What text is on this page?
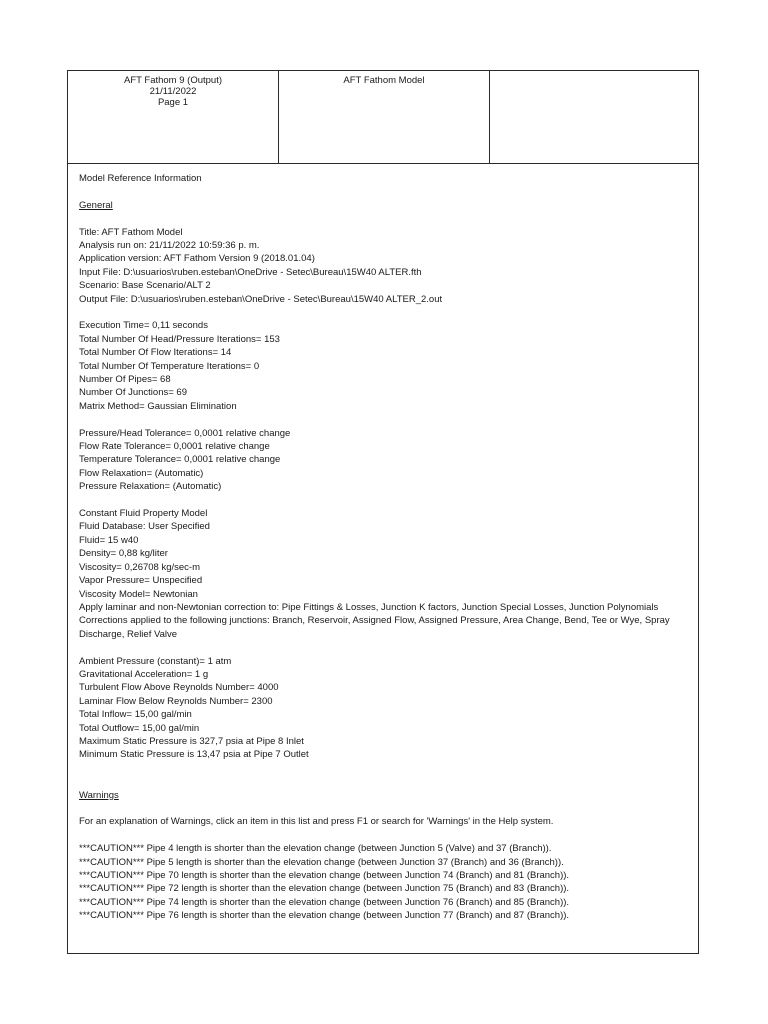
AFT Fathom 9 (Output)
21/11/2022
Page 1
AFT Fathom Model
Model Reference Information
General
Title: AFT Fathom Model
Analysis run on: 21/11/2022 10:59:36 p. m.
Application version: AFT Fathom Version 9 (2018.01.04)
Input File: D:\usuarios\ruben.esteban\OneDrive - Setec\Bureau\15W40 ALTER.fth
Scenario: Base Scenario/ALT 2
Output File: D:\usuarios\ruben.esteban\OneDrive - Setec\Bureau\15W40 ALTER_2.out
Execution Time= 0,11 seconds
Total Number Of Head/Pressure Iterations= 153
Total Number Of Flow Iterations= 14
Total Number Of Temperature Iterations= 0
Number Of Pipes= 68
Number Of Junctions= 69
Matrix Method= Gaussian Elimination
Pressure/Head Tolerance= 0,0001 relative change
Flow Rate Tolerance= 0,0001 relative change
Temperature Tolerance= 0,0001 relative change
Flow Relaxation= (Automatic)
Pressure Relaxation= (Automatic)
Constant Fluid Property Model
Fluid Database: User Specified
Fluid= 15 w40
Density= 0,88 kg/liter
Viscosity= 0,26708 kg/sec-m
Vapor Pressure= Unspecified
Viscosity Model= Newtonian
Apply laminar and non-Newtonian correction to: Pipe Fittings & Losses, Junction K factors, Junction Special Losses, Junction Polynomials
Corrections applied to the following junctions: Branch, Reservoir, Assigned Flow, Assigned Pressure, Area Change, Bend, Tee or Wye, Spray Discharge, Relief Valve
Ambient Pressure (constant)= 1 atm
Gravitational Acceleration= 1 g
Turbulent Flow Above Reynolds Number= 4000
Laminar Flow Below Reynolds Number= 2300
Total Inflow= 15,00 gal/min
Total Outflow= 15,00 gal/min
Maximum Static Pressure is 327,7 psia at Pipe 8 Inlet
Minimum Static Pressure is 13,47 psia at Pipe 7 Outlet
Warnings
For an explanation of Warnings, click an item in this list and press F1 or search for 'Warnings' in the Help system.
***CAUTION*** Pipe 4 length is shorter than the elevation change (between Junction 5 (Valve) and 37 (Branch)).
***CAUTION*** Pipe 5 length is shorter than the elevation change (between Junction 37 (Branch) and 36 (Branch)).
***CAUTION*** Pipe 70 length is shorter than the elevation change (between Junction 74 (Branch) and 81 (Branch)).
***CAUTION*** Pipe 72 length is shorter than the elevation change (between Junction 75 (Branch) and 83 (Branch)).
***CAUTION*** Pipe 74 length is shorter than the elevation change (between Junction 76 (Branch) and 85 (Branch)).
***CAUTION*** Pipe 76 length is shorter than the elevation change (between Junction 77 (Branch) and 87 (Branch)).
